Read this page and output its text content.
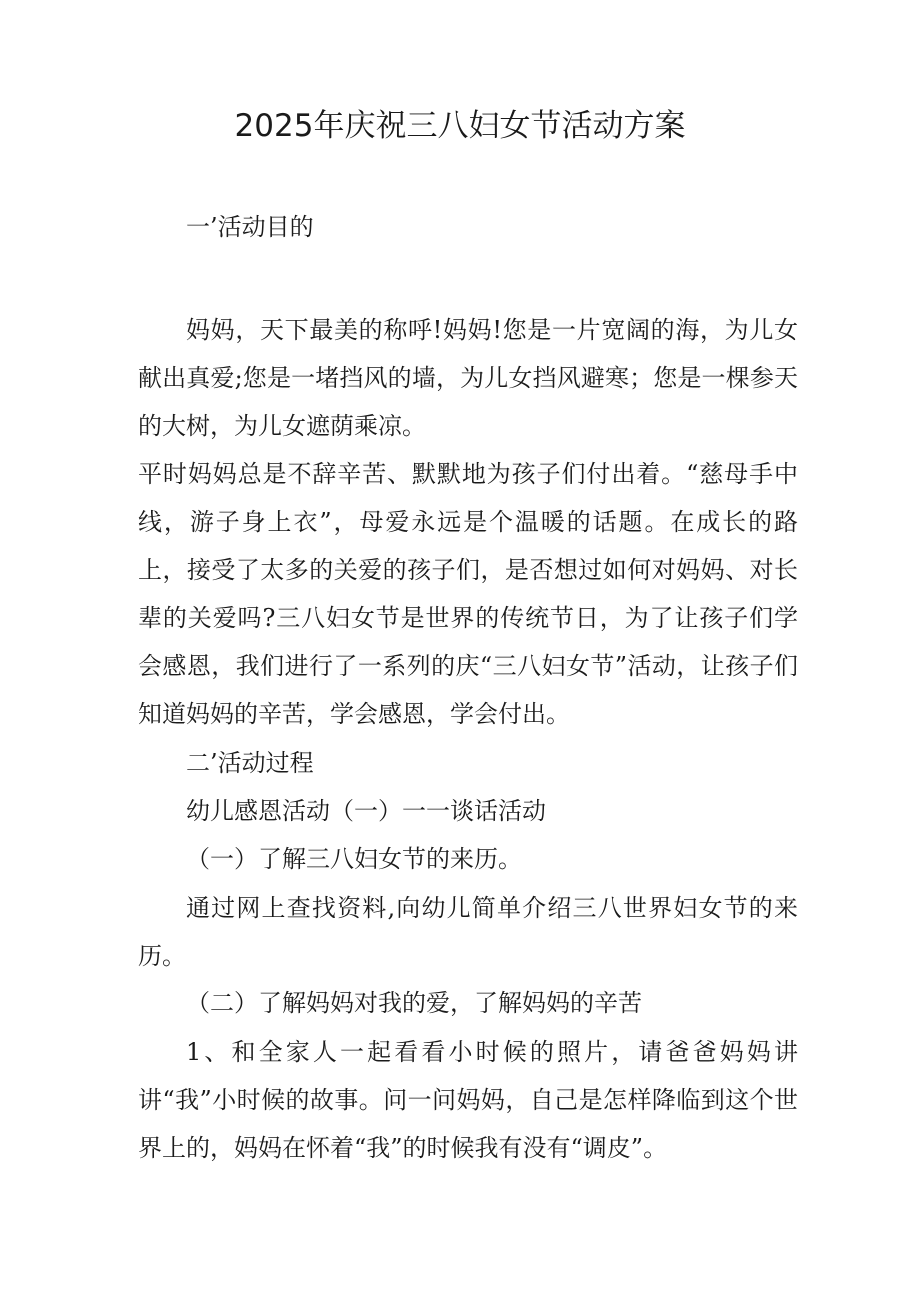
2025年庆祝三八妇女节活动方案

一’活动目的

妈妈，天下最美的称呼!妈妈!您是一片宽阔的海，为儿女献出真爱;您是一堵挡风的墙，为儿女挡风避寒；您是一棵参天的大树，为儿女遮荫乘凉。

平时妈妈总是不辞辛苦、默默地为孩子们付出着。“慈母手中线，游子身上衣”，母爱永远是个温暖的话题。在成长的路上，接受了太多的关爱的孩子们，是否想过如何对妈妈、对长辈的关爱吗?三八妇女节是世界的传统节日，为了让孩子们学会感恩，我们进行了一系列的庆“三八妇女节”活动，让孩子们知道妈妈的辛苦，学会感恩，学会付出。

二’活动过程

幼儿感恩活动（一）一一谈话活动

（一）了解三八妇女节的来历。

通过网上查找资料,向幼儿简单介绍三八世界妇女节的来历。

（二）了解妈妈对我的爱，了解妈妈的辛苦

1、和全家人一起看看小时候的照片，请爸爸妈妈讲讲“我”小时候的故事。问一问妈妈，自己是怎样降临到这个世界上的，妈妈在怀着“我”的时候我有没有“调皮”。
